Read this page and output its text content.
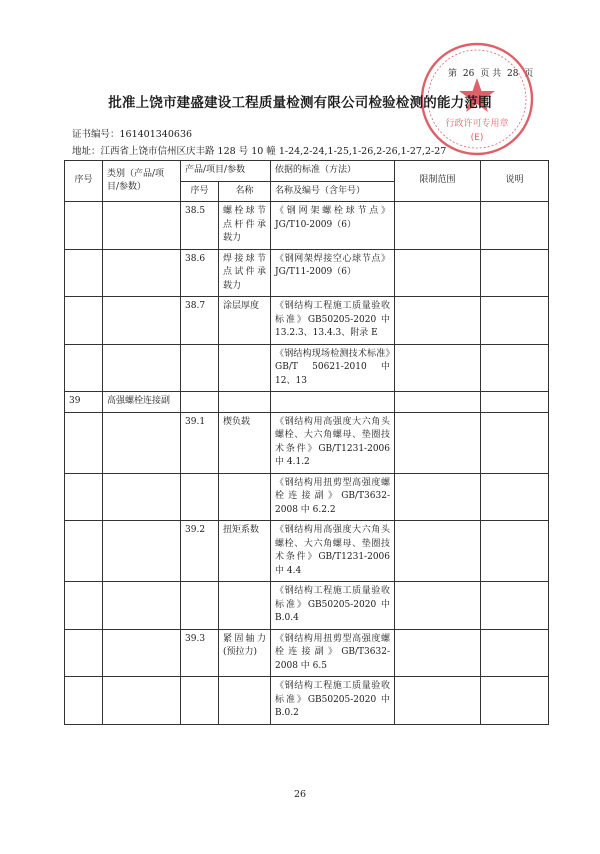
第 26 页 共 28 页
行政许可专用章
(E)
批准上饶市建盛建设工程质量检测有限公司检验检测的能力范围
证书编号：161401340636
地址：江西省上饶市信州区庆丰路 128 号 10 幢 1-24,2-24,1-25,1-26,2-26,1-27,2-27
序号	类别（产品/项目/参数）	产品/项目/参数		依据的标准（方法）	限制范围	说明
		序号	名称	名称及编号（含年号）		
		38.5	螺栓球节点杆件承载力	《钢网架螺栓球节点》JG/T10-2009（6）		
		38.6	焊接球节点试件承载力	《钢网架焊接空心球节点》JG/T11-2009（6）		
		38.7	涂层厚度	《钢结构工程施工质量验收标准》GB50205-2020 中 13.2.3、13.4.3、附录 E		
				《钢结构现场检测技术标准》GB/T 50621-2010 中 12、13		
39	高强螺栓连接副					
		39.1	楔负载	《钢结构用高强度大六角头螺栓、大六角螺母、垫圈技术条件》GB/T1231-2006 中 4.1.2		
				《钢结构用扭剪型高强度螺栓连接副》GB/T3632-2008 中 6.2.2		
		39.2	扭矩系数	《钢结构用高强度大六角头螺栓、大六角螺母、垫圈技术条件》GB/T1231-2006 中 4.4		
				《钢结构工程施工质量验收标准》GB50205-2020 中 B.0.4		
		39.3	紧固轴力(预拉力)	《钢结构用扭剪型高强度螺栓连接副》GB/T3632-2008 中 6.5		
				《钢结构工程施工质量验收标准》GB50205-2020 中 B.0.2		
26
